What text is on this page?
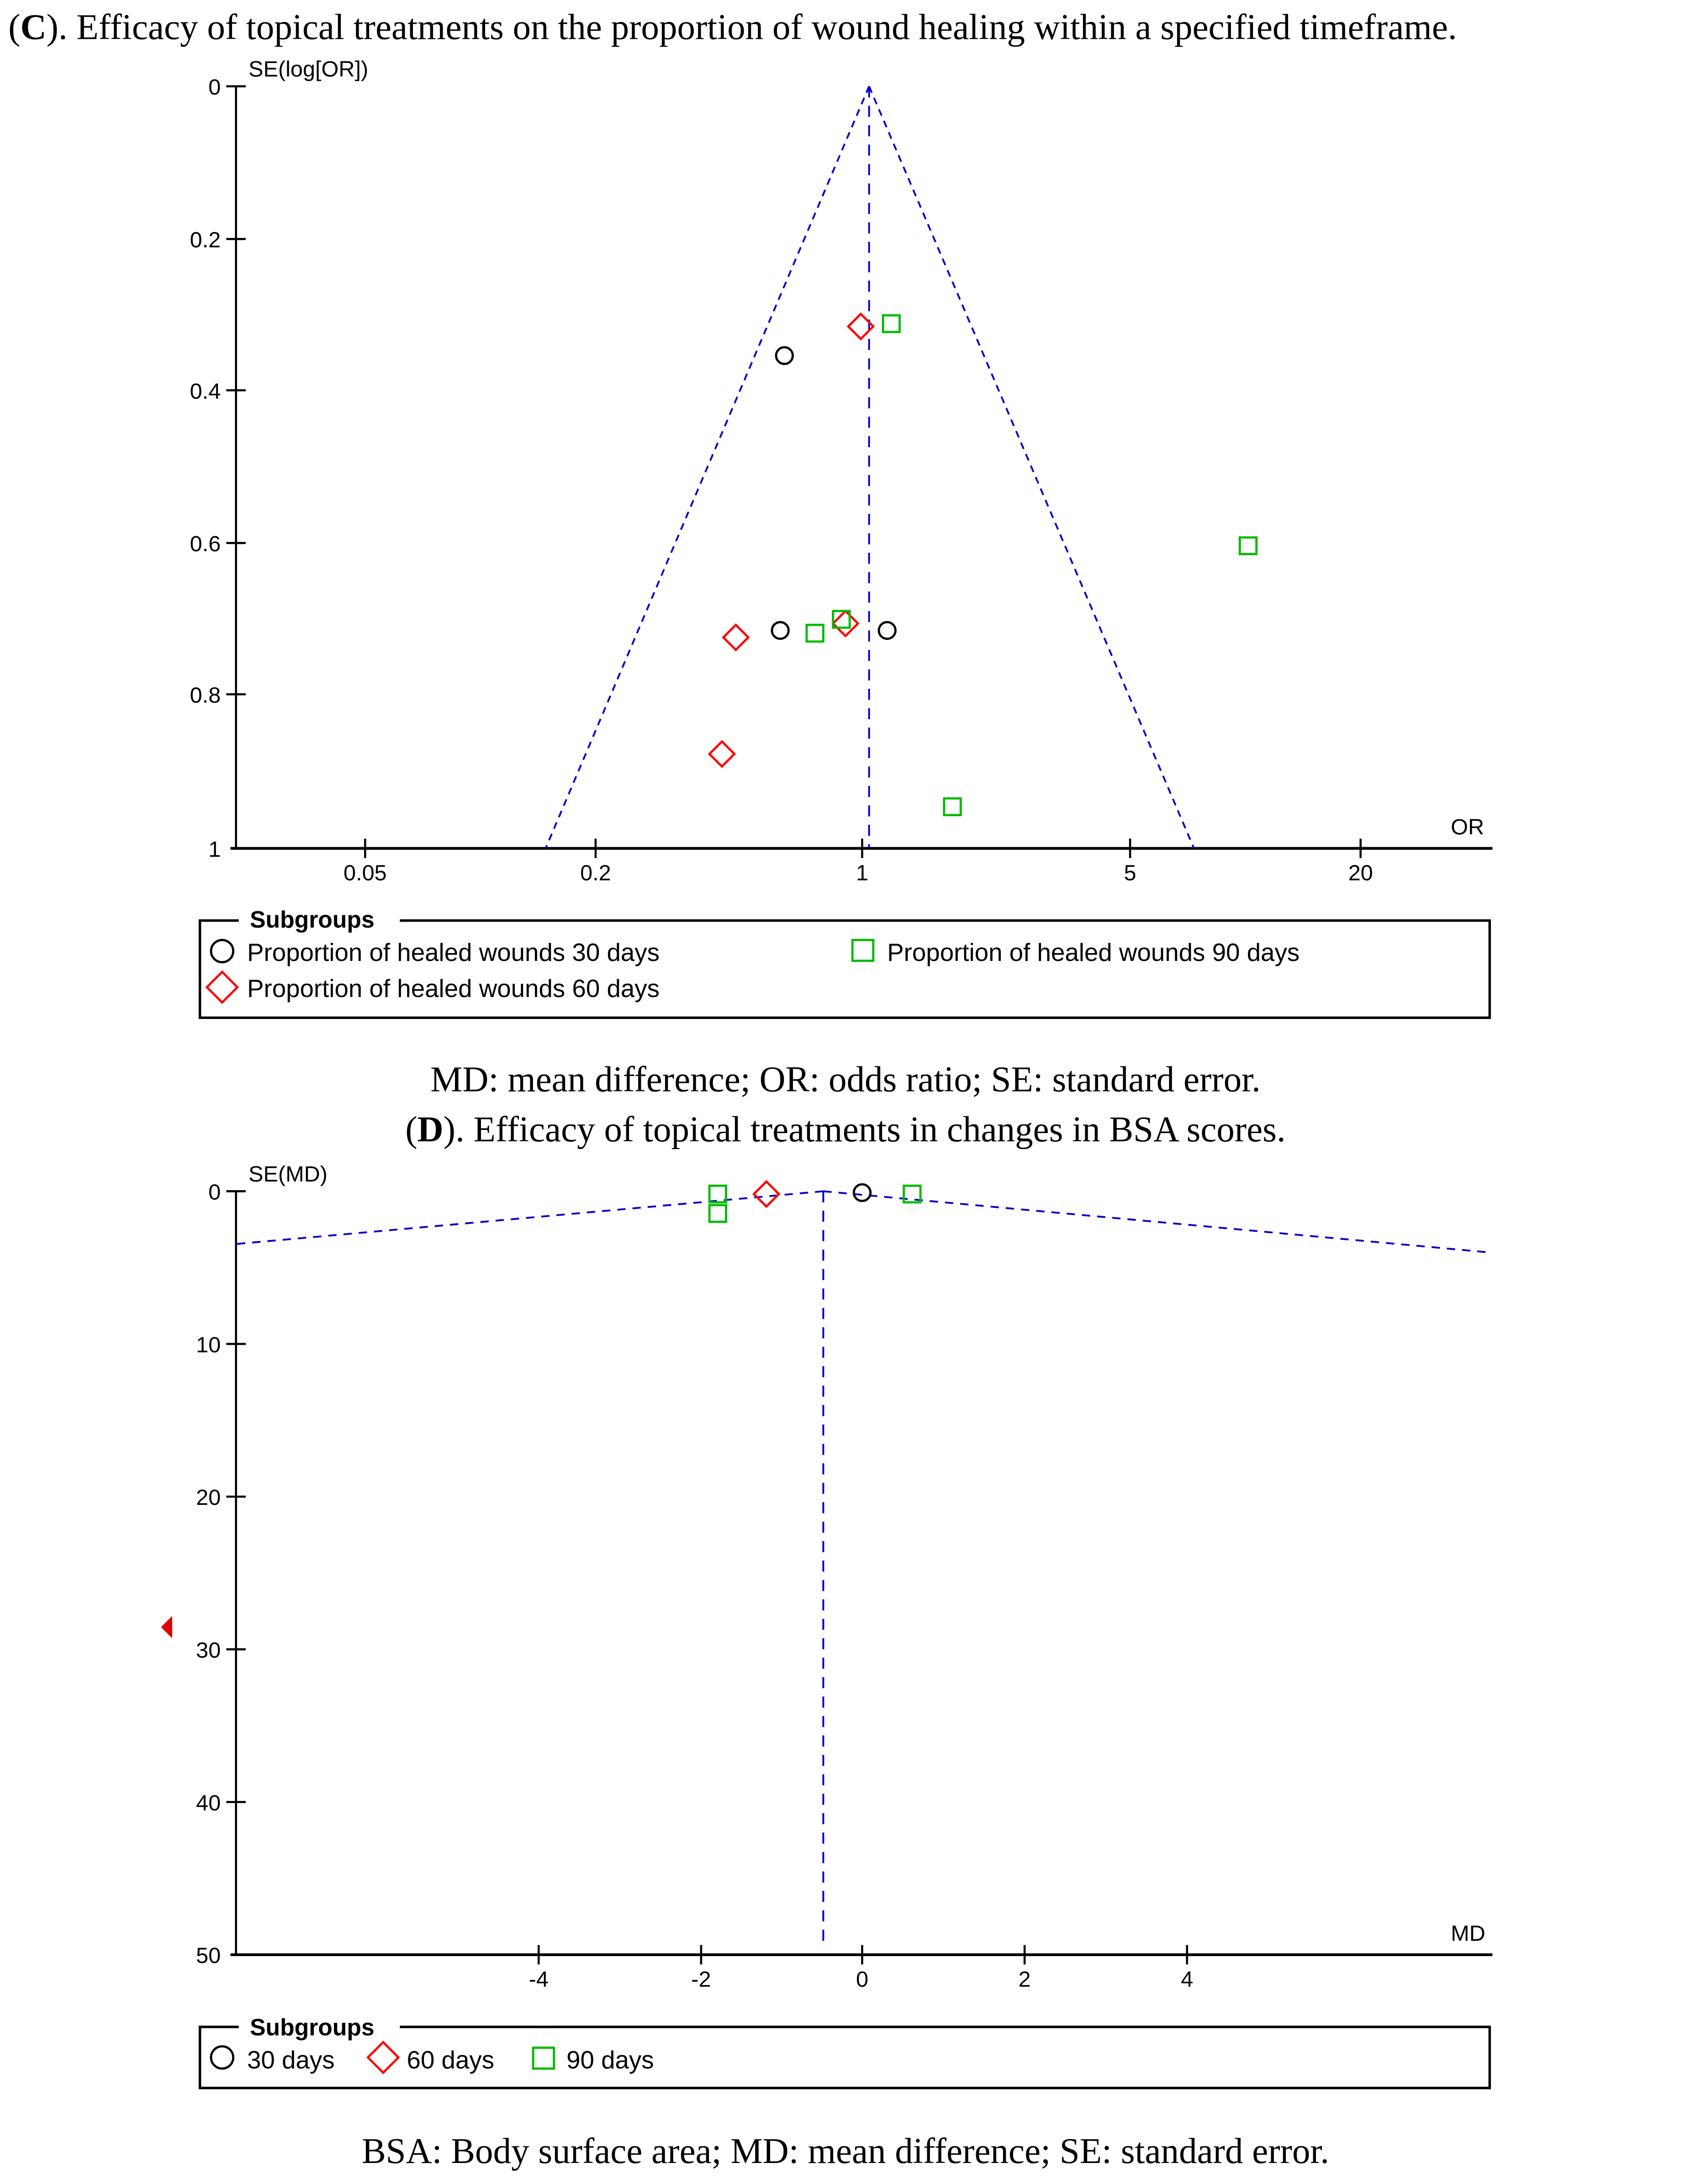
(C). Efficacy of topical treatments on the proportion of wound healing within a specified timeframe.
SE(log[OR])
OR
0
0.2
0.4
0.6
0.8
1
0.05	0.2	1	5	20
Subgroups
Proportion of healed wounds 30 days
Proportion of healed wounds 60 days
Proportion of healed wounds 90 days
MD: mean difference; OR: odds ratio; SE: standard error.
(D). Efficacy of topical treatments in changes in BSA scores.
SE(MD)
MD
0
10
20
30
40
50
-4	-2	0	2	4
Subgroups
30 days	60 days	90 days
BSA: Body surface area; MD: mean difference; SE: standard error.
